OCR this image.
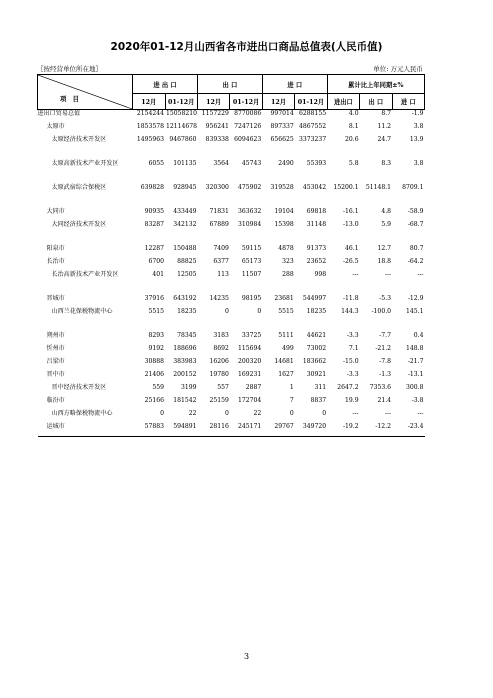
2020年01-12月山西省各市进出口商品总值表(人民币值)
〖按经营单位所在地〗	单位: 万元人民币
项　目	进 出 口		出 口		进 口		累计比上年同期±%		
	12月	01-12月	12月	01-12月	12月	01-12月	进出口	出 口	进 口
进出口贸易总值	2154244	15058210	1157229	8770086	997014	6288155	4.0	8.7	-1.9
太原市	1853578	12114678	956241	7247126	897337	4867552	8.1	11.2	3.8
太原经济技术开发区	1495963	9467860	839338	6094623	656625	3373237	20.6	24.7	13.9
太原高新技术产业开发区	6055	101135	3564	45743	2490	55393	5.8	8.3	3.8
太原武宿综合保税区	639828	928945	320300	475902	319528	453042	15200.1	51148.1	8709.1
大同市	90935	433449	71831	363632	19104	69818	-16.1	4.8	-58.9
大同经济技术开发区	83287	342132	67889	310984	15398	31148	-13.0	5.9	-68.7
阳泉市	12287	150488	7409	59115	4878	91373	46.1	12.7	80.7
长治市	6700	88825	6377	65173	323	23652	-26.5	18.8	-64.2
长治高新技术产业开发区	401	12505	113	11507	288	998	---	---	---
晋城市	37916	643192	14235	98195	23681	544997	-11.8	-5.3	-12.9
山西兰花保税物流中心	5515	18235	0	0	5515	18235	144.3	-100.0	145.1
朔州市	8293	78345	3183	33725	5111	44621	-3.3	-7.7	0.4
忻州市	9192	188696	8692	115694	499	73002	7.1	-21.2	148.8
吕梁市	30888	383983	16206	200320	14681	183662	-15.0	-7.8	-21.7
晋中市	21406	200152	19780	169231	1627	30921	-3.3	-1.3	-13.1
晋中经济技术开发区	559	3199	557	2887	1	311	2647.2	7353.6	300.8
临汾市	25166	181542	25159	172704	7	8837	19.9	21.4	-3.8
山西方略保税物流中心	0	22	0	22	0	0	---	---	---
运城市	57883	594891	28116	245171	29767	349720	-19.2	-12.2	-23.4
3
